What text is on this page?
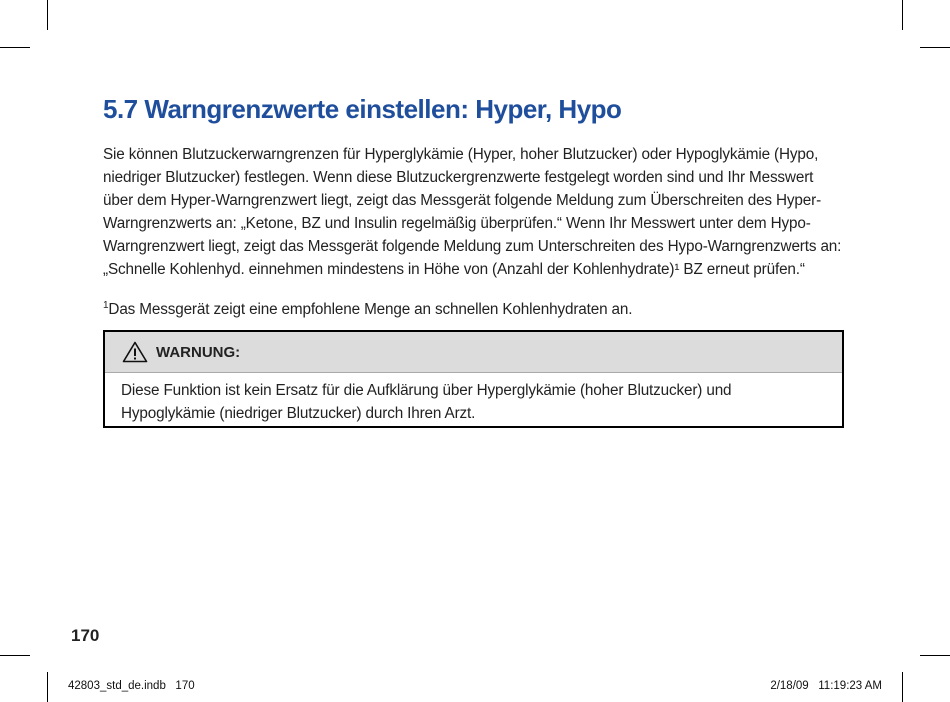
5.7 Warngrenzwerte einstellen: Hyper, Hypo

Sie können Blutzuckerwarngrenzen für Hyperglykämie (Hyper, hoher Blutzucker) oder Hypoglykämie (Hypo, niedriger Blutzucker) festlegen. Wenn diese Blutzuckergrenzwerte festgelegt worden sind und Ihr Messwert über dem Hyper-Warngrenzwert liegt, zeigt das Messgerät folgende Meldung zum Überschreiten des Hyper-Warngrenzwerts an: „Ketone, BZ und Insulin regelmäßig überprüfen.“ Wenn Ihr Messwert unter dem Hypo-Warngrenzwert liegt, zeigt das Messgerät folgende Meldung zum Unterschreiten des Hypo-Warngrenzwerts an: „Schnelle Kohlenhyd. einnehmen mindestens in Höhe von (Anzahl der Kohlenhydrate)¹ BZ erneut prüfen.“

$^1$Das Messgerät zeigt eine empfohlene Menge an schnellen Kohlenhydraten an.

WARNUNG:
Diese Funktion ist kein Ersatz für die Aufklärung über Hyperglykämie (hoher Blutzucker) und Hypoglykämie (niedriger Blutzucker) durch Ihren Arzt.
170
42803_std_de.indb   170	2/18/09   11:19:23 AM
